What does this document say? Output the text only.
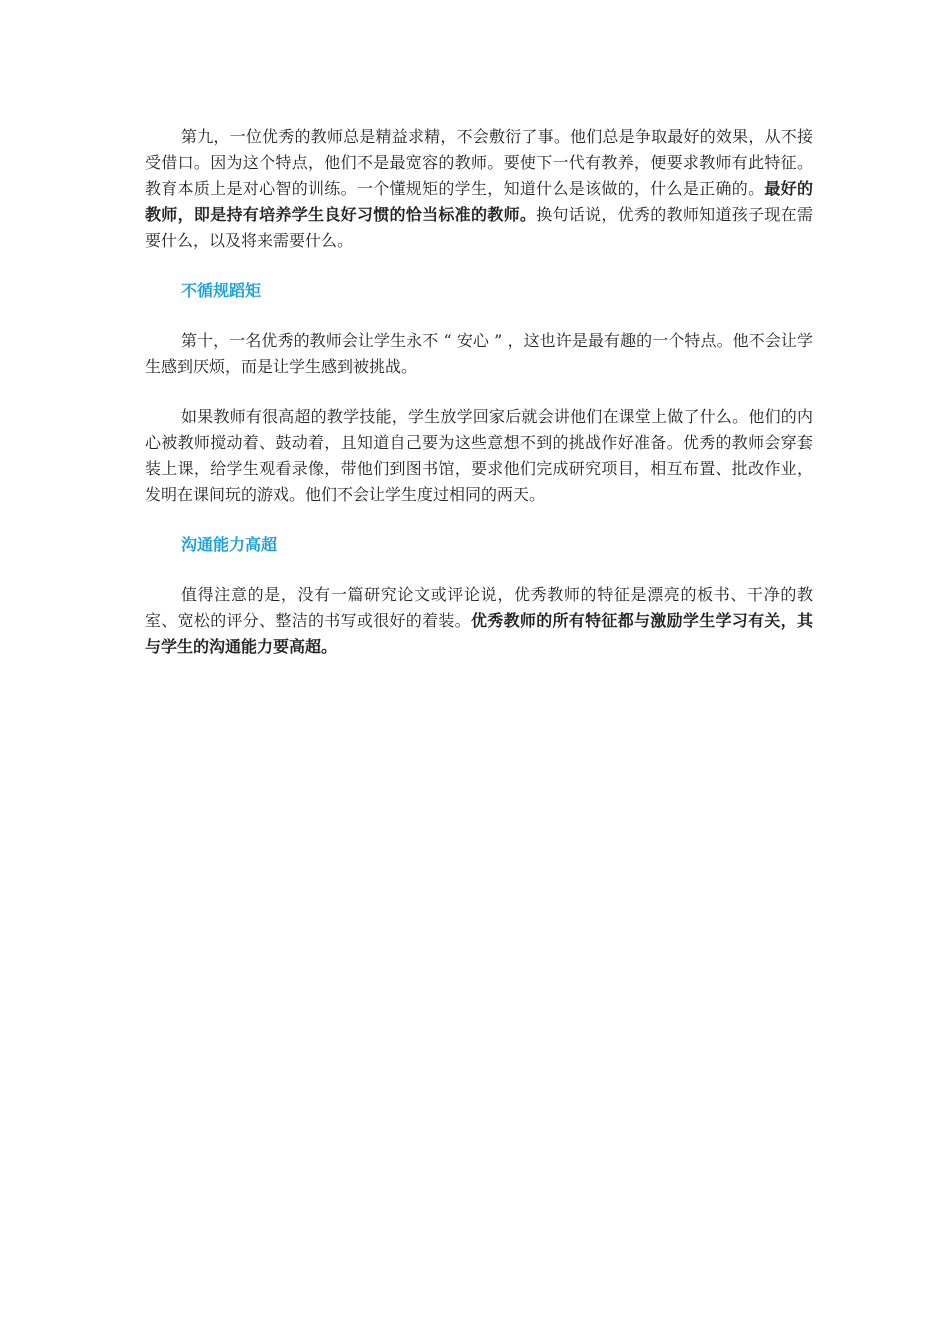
第九，一位优秀的教师总是精益求精，不会敷衍了事。他们总是争取最好的效果，从不接受借口。因为这个特点，他们不是最宽容的教师。要使下一代有教养，便要求教师有此特征。教育本质上是对心智的训练。一个懂规矩的学生，知道什么是该做的，什么是正确的。最好的教师，即是持有培养学生良好习惯的恰当标准的教师。换句话说，优秀的教师知道孩子现在需要什么，以及将来需要什么。

不循规蹈矩

第十，一名优秀的教师会让学生永不 “ 安心 ” ，这也许是最有趣的一个特点。他不会让学生感到厌烦，而是让学生感到被挑战。

如果教师有很高超的教学技能，学生放学回家后就会讲他们在课堂上做了什么。他们的内心被教师搅动着、鼓动着，且知道自己要为这些意想不到的挑战作好准备。优秀的教师会穿套装上课，给学生观看录像，带他们到图书馆，要求他们完成研究项目，相互布置、批改作业，发明在课间玩的游戏。他们不会让学生度过相同的两天。

沟通能力高超

值得注意的是，没有一篇研究论文或评论说，优秀教师的特征是漂亮的板书、干净的教室、宽松的评分、整洁的书写或很好的着装。优秀教师的所有特征都与激励学生学习有关，其与学生的沟通能力要高超。
